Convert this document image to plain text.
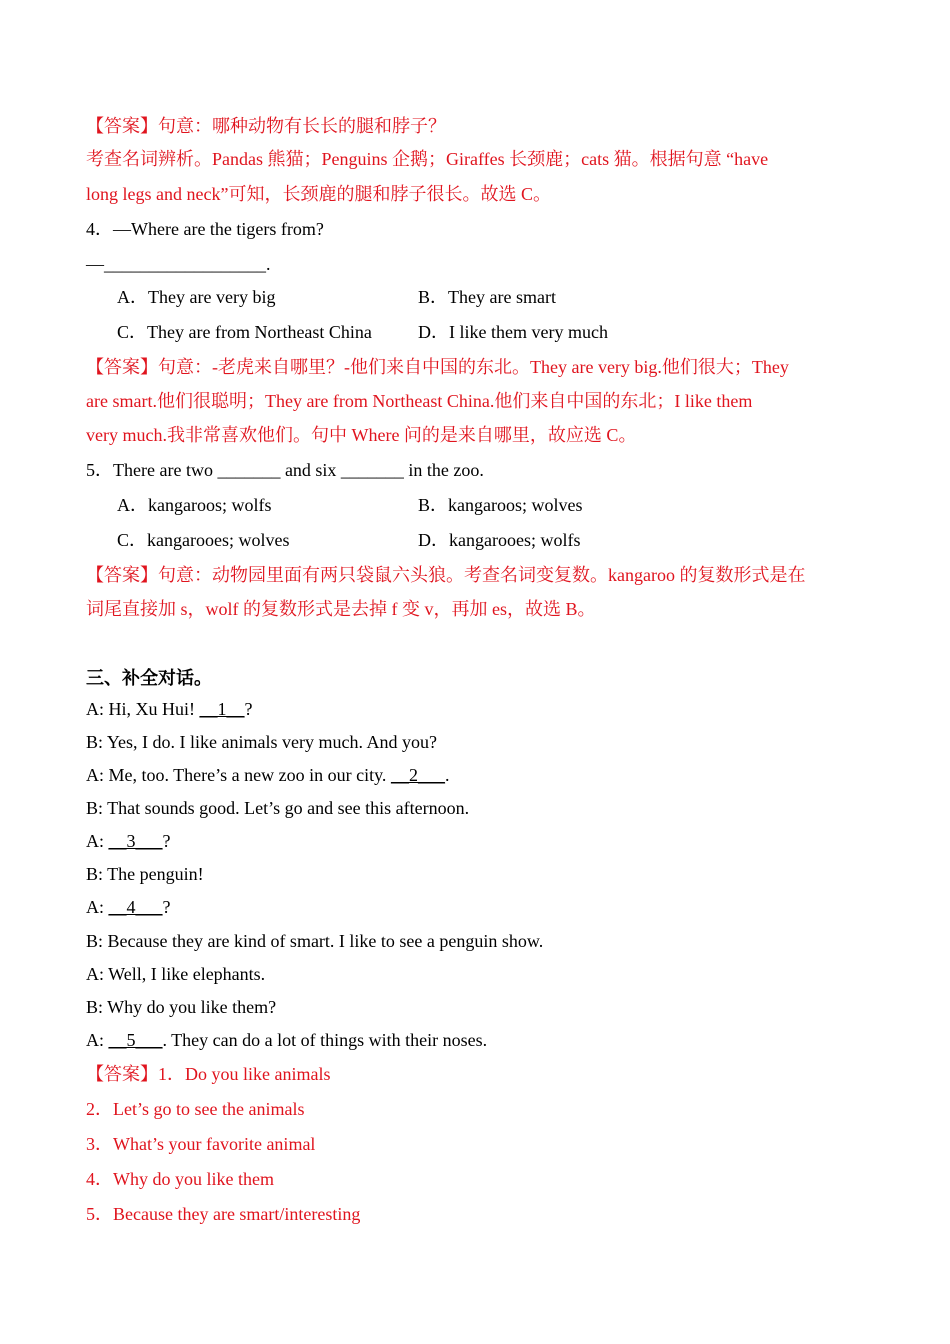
【答案】句意：哪种动物有长长的腿和脖子？
考查名词辨析。Pandas 熊猫；Penguins 企鹅；Giraffes 长颈鹿；cats 猫。根据句意 “have
long legs and neck”可知，长颈鹿的腿和脖子很长。故选 C。
4．—Where are the tigers from?
—__________________.
A．They are very big	B．They are smart
C．They are from Northeast China	D．I like them very much
【答案】句意：-老虎来自哪里？-他们来自中国的东北。They are very big.他们很大；They
are smart.他们很聪明；They are from Northeast China.他们来自中国的东北；I like them
very much.我非常喜欢他们。句中 Where 问的是来自哪里，故应选 C。
5．There are two _______ and six _______ in the zoo.
A．kangaroos; wolfs	B．kangaroos; wolves
C．kangarooes; wolves	D．kangarooes; wolfs
【答案】句意：动物园里面有两只袋鼠六头狼。考查名词变复数。kangaroo 的复数形式是在
词尾直接加 s，wolf 的复数形式是去掉 f 变 v，再加 es，故选 B。
三、补全对话。
A: Hi, Xu Hui! __1__?
B: Yes, I do. I like animals very much. And you?
A: Me, too. There’s a new zoo in our city. __2___.
B: That sounds good. Let’s go and see this afternoon.
A: __3___?
B: The penguin!
A: __4___?
B: Because they are kind of smart. I like to see a penguin show.
A: Well, I like elephants.
B: Why do you like them?
A: __5___. They can do a lot of things with their noses.
【答案】1．Do you like animals
2．Let’s go to see the animals
3．What’s your favorite animal
4．Why do you like them
5．Because they are smart/interesting
